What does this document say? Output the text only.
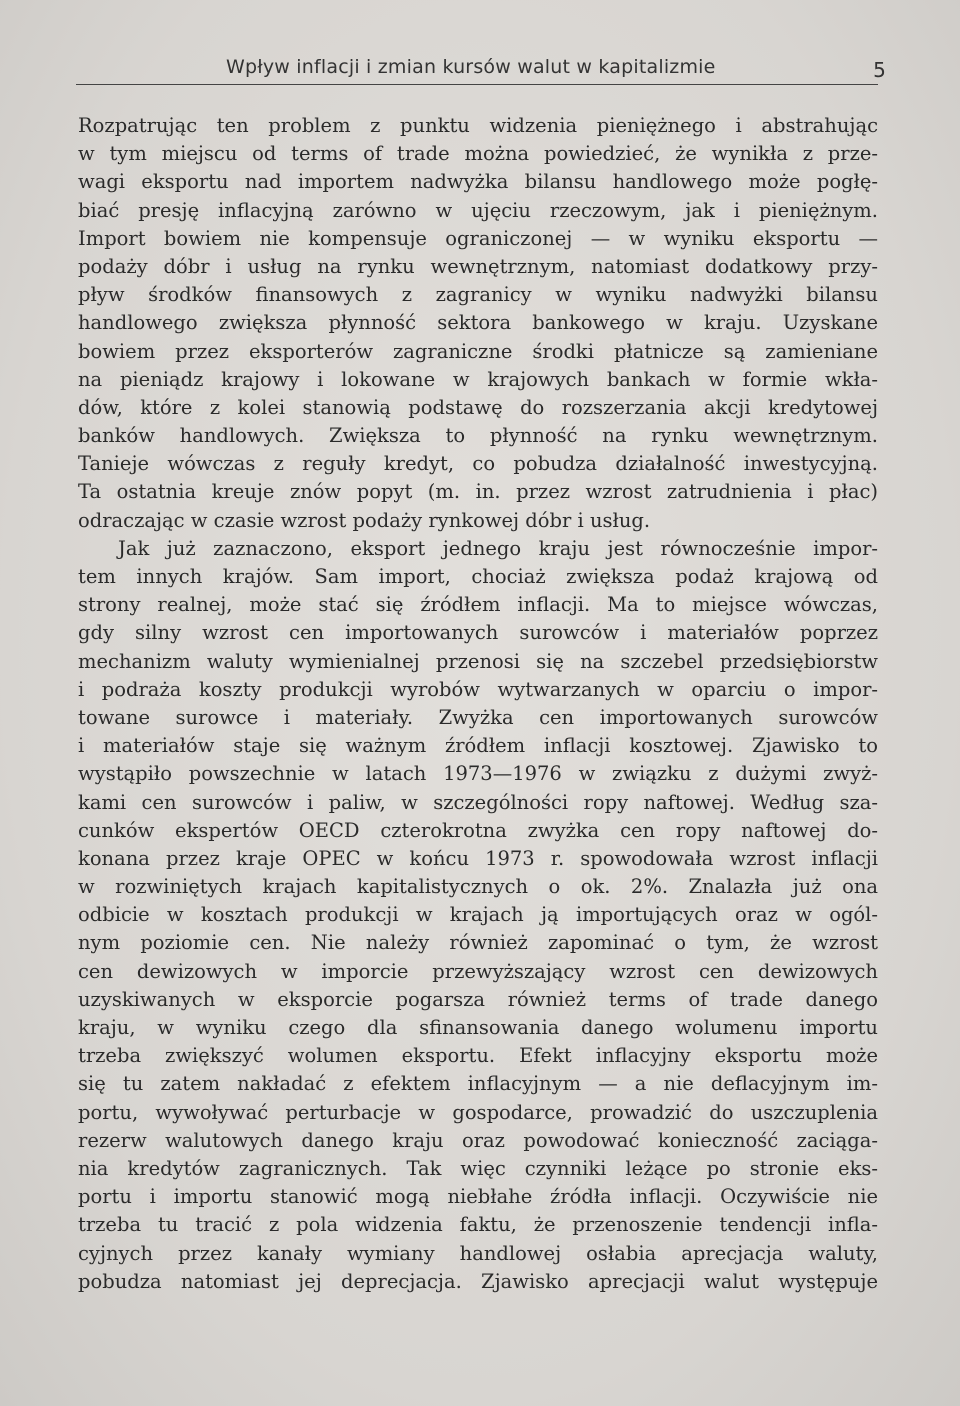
Wpływ inflacji i zmian kursów walut w kapitalizmie	5
Rozpatrując ten problem z punktu widzenia pieniężnego i abstrahując
w tym miejscu od terms of trade można powiedzieć, że wynikła z prze-
wagi eksportu nad importem nadwyżka bilansu handlowego może pogłę-
biać presję inflacyjną zarówno w ujęciu rzeczowym, jak i pieniężnym.
Import bowiem nie kompensuje ograniczonej — w wyniku eksportu —
podaży dóbr i usług na rynku wewnętrznym, natomiast dodatkowy przy-
pływ środków finansowych z zagranicy w wyniku nadwyżki bilansu
handlowego zwiększa płynność sektora bankowego w kraju. Uzyskane
bowiem przez eksporterów zagraniczne środki płatnicze są zamieniane
na pieniądz krajowy i lokowane w krajowych bankach w formie wkła-
dów, które z kolei stanowią podstawę do rozszerzania akcji kredytowej
banków handlowych. Zwiększa to płynność na rynku wewnętrznym.
Tanieje wówczas z reguły kredyt, co pobudza działalność inwestycyjną.
Ta ostatnia kreuje znów popyt (m. in. przez wzrost zatrudnienia i płac)
odraczając w czasie wzrost podaży rynkowej dóbr i usług.
Jak już zaznaczono, eksport jednego kraju jest równocześnie impor-
tem innych krajów. Sam import, chociaż zwiększa podaż krajową od
strony realnej, może stać się źródłem inflacji. Ma to miejsce wówczas,
gdy silny wzrost cen importowanych surowców i materiałów poprzez
mechanizm waluty wymienialnej przenosi się na szczebel przedsiębiorstw
i podraża koszty produkcji wyrobów wytwarzanych w oparciu o impor-
towane surowce i materiały. Zwyżka cen importowanych surowców
i materiałów staje się ważnym źródłem inflacji kosztowej. Zjawisko to
wystąpiło powszechnie w latach 1973—1976 w związku z dużymi zwyż-
kami cen surowców i paliw, w szczególności ropy naftowej. Według sza-
cunków ekspertów OECD czterokrotna zwyżka cen ropy naftowej do-
konana przez kraje OPEC w końcu 1973 r. spowodowała wzrost inflacji
w rozwiniętych krajach kapitalistycznych o ok. 2%. Znalazła już ona
odbicie w kosztach produkcji w krajach ją importujących oraz w ogól-
nym poziomie cen. Nie należy również zapominać o tym, że wzrost
cen dewizowych w imporcie przewyższający wzrost cen dewizowych
uzyskiwanych w eksporcie pogarsza również terms of trade danego
kraju, w wyniku czego dla sfinansowania danego wolumenu importu
trzeba zwiększyć wolumen eksportu. Efekt inflacyjny eksportu może
się tu zatem nakładać z efektem inflacyjnym — a nie deflacyjnym im-
portu, wywoływać perturbacje w gospodarce, prowadzić do uszczuplenia
rezerw walutowych danego kraju oraz powodować konieczność zaciąga-
nia kredytów zagranicznych. Tak więc czynniki leżące po stronie eks-
portu i importu stanowić mogą niebłahe źródła inflacji. Oczywiście nie
trzeba tu tracić z pola widzenia faktu, że przenoszenie tendencji infla-
cyjnych przez kanały wymiany handlowej osłabia aprecjacja waluty,
pobudza natomiast jej deprecjacja. Zjawisko aprecjacji walut występuje
